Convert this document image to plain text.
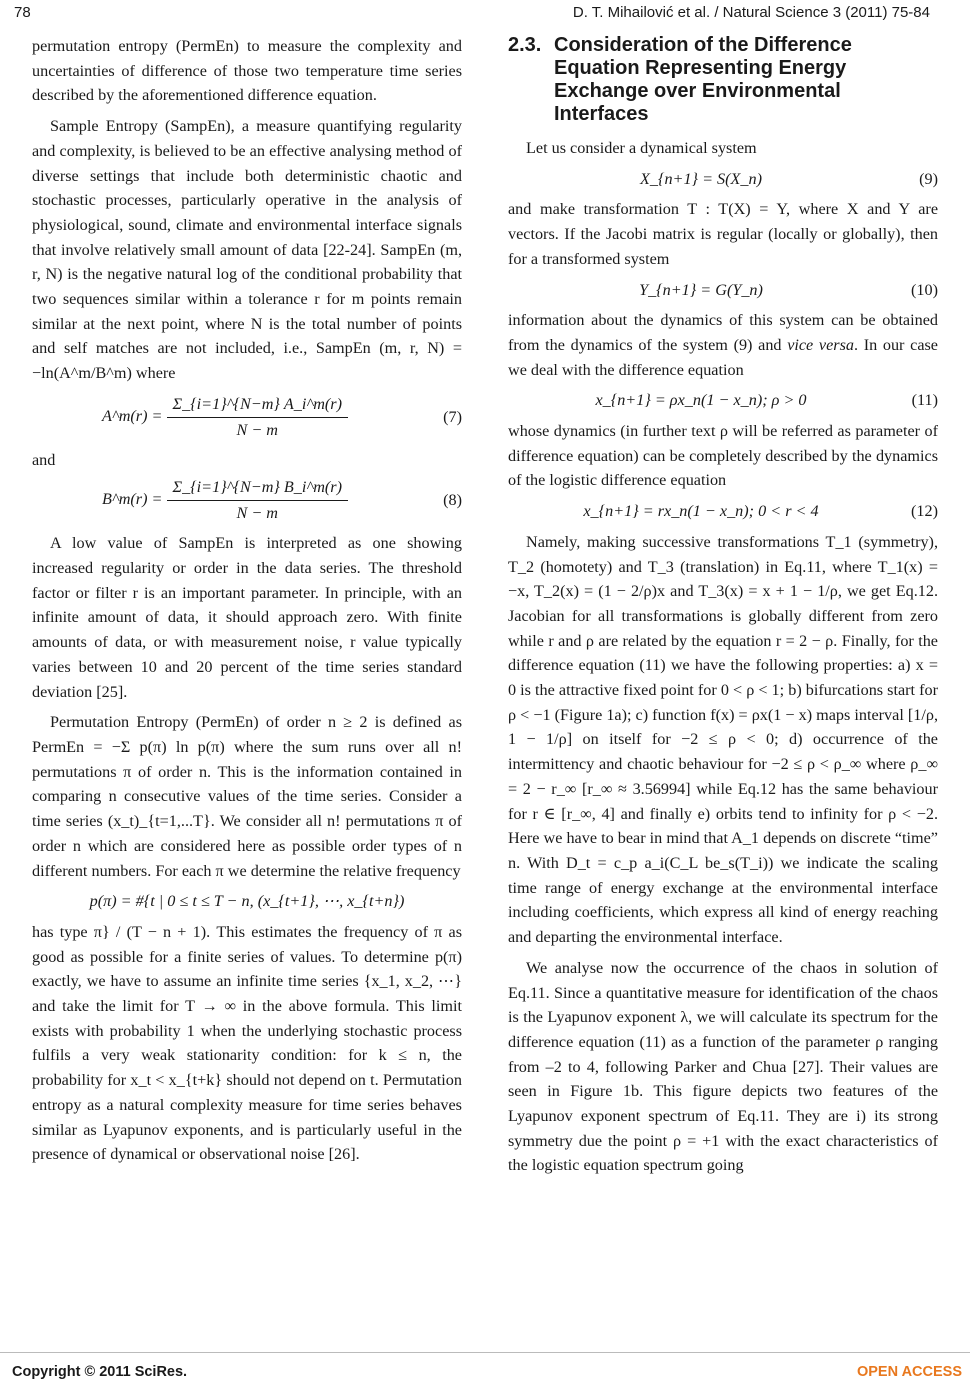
78	D. T. Mihailović et al. / Natural Science 3 (2011) 75-84

permutation entropy (PermEn) to measure the complexity and uncertainties of difference of those two temperature time series described by the aforementioned difference equation.

Sample Entropy (SampEn), a measure quantifying regularity and complexity, is believed to be an effective analysing method of diverse settings that include both deterministic chaotic and stochastic processes, particularly operative in the analysis of physiological, sound, climate and environmental interface signals that involve relatively small amount of data [22-24]. SampEn (m, r, N) is the negative natural log of the conditional probability that two sequences similar within a tolerance r for m points remain similar at the next point, where N is the total number of points and self matches are not included, i.e., SampEn (m, r, N) = −ln(A^m/B^m) where

A^m(r) = $\frac{\Sigma\_\{i=1\}\^{}\{N-m\} A\_i\^{}m(r)}{N - m}$	(7)

and

B^m(r) = $\frac{\Sigma\_\{i=1\}\^{}\{N-m\} B\_i\^{}m(r)}{N - m}$	(8)

A low value of SampEn is interpreted as one showing increased regularity or order in the data series. The threshold factor or filter r is an important parameter. In principle, with an infinite amount of data, it should approach zero. With finite amounts of data, or with measurement noise, r value typically varies between 10 and 20 percent of the time series standard deviation [25].

Permutation Entropy (PermEn) of order n ≥ 2 is defined as PermEn = −Σ p(π) ln p(π) where the sum runs over all n! permutations π of order n. This is the information contained in comparing n consecutive values of the time series. Consider a time series (x_t)_{t=1,...T}. We consider all n! permutations π of order n which are considered here as possible order types of n different numbers. For each π we determine the relative frequency

p(π) = #{t | 0 ≤ t ≤ T − n, (x_{t+1}, ⋯, x_{t+n})

has type π} / (T − n + 1). This estimates the frequency of π as good as possible for a finite series of values. To determine p(π) exactly, we have to assume an infinite time series {x_1, x_2, ⋯} and take the limit for T → ∞ in the above formula. This limit exists with probability 1 when the underlying stochastic process fulfils a very weak stationarity condition: for k ≤ n, the probability for x_t < x_{t+k} should not depend on t. Permutation entropy as a natural complexity measure for time series behaves similar as Lyapunov exponents, and is particularly useful in the presence of dynamical or observational noise [26].

2.3. Consideration of the Difference Equation Representing Energy Exchange over Environmental Interfaces

Let us consider a dynamical system

X_{n+1} = S(X_n)	(9)

and make transformation T : T(X) = Y, where X and Y are vectors. If the Jacobi matrix is regular (locally or globally), then for a transformed system

Y_{n+1} = G(Y_n)	(10)

information about the dynamics of this system can be obtained from the dynamics of the system (9) and vice versa. In our case we deal with the difference equation

x_{n+1} = ρx_n(1 − x_n); ρ > 0	(11)

whose dynamics (in further text ρ will be referred as parameter of difference equation) can be completely described by the dynamics of the logistic difference equation

x_{n+1} = rx_n(1 − x_n); 0 < r < 4	(12)

Namely, making successive transformations T_1 (symmetry), T_2 (homotety) and T_3 (translation) in Eq.11, where T_1(x) = −x, T_2(x) = (1 − 2/ρ)x and T_3(x) = x + 1 − 1/ρ, we get Eq.12. Jacobian for all transformations is globally different from zero while r and ρ are related by the equation r = 2 − ρ. Finally, for the difference equation (11) we have the following properties: a) x = 0 is the attractive fixed point for 0 < ρ < 1; b) bifurcations start for ρ < −1 (Figure 1a); c) function f(x) = ρx(1 − x) maps interval [1/ρ, 1 − 1/ρ] on itself for −2 ≤ ρ < 0; d) occurrence of the intermittency and chaotic behaviour for −2 ≤ ρ < ρ_∞ where ρ_∞ = 2 − r_∞ [r_∞ ≈ 3.56994] while Eq.12 has the same behaviour for r ∈ [r_∞, 4] and finally e) orbits tend to infinity for ρ < −2. Here we have to bear in mind that A_1 depends on discrete “time” n. With D_t = c_p a_i(C_L be_s(T_i)) we indicate the scaling time range of energy exchange at the environmental interface including coefficients, which express all kind of energy reaching and departing the environmental interface.

We analyse now the occurrence of the chaos in solution of Eq.11. Since a quantitative measure for identification of the chaos is the Lyapunov exponent λ, we will calculate its spectrum for the difference equation (11) as a function of the parameter ρ ranging from –2 to 4, following Parker and Chua [27]. Their values are seen in Figure 1b. This figure depicts two features of the Lyapunov exponent spectrum of Eq.11. They are i) its strong symmetry due the point ρ = +1 with the exact characteristics of the logistic equation spectrum going

Copyright © 2011 SciRes.	OPEN ACCESS
